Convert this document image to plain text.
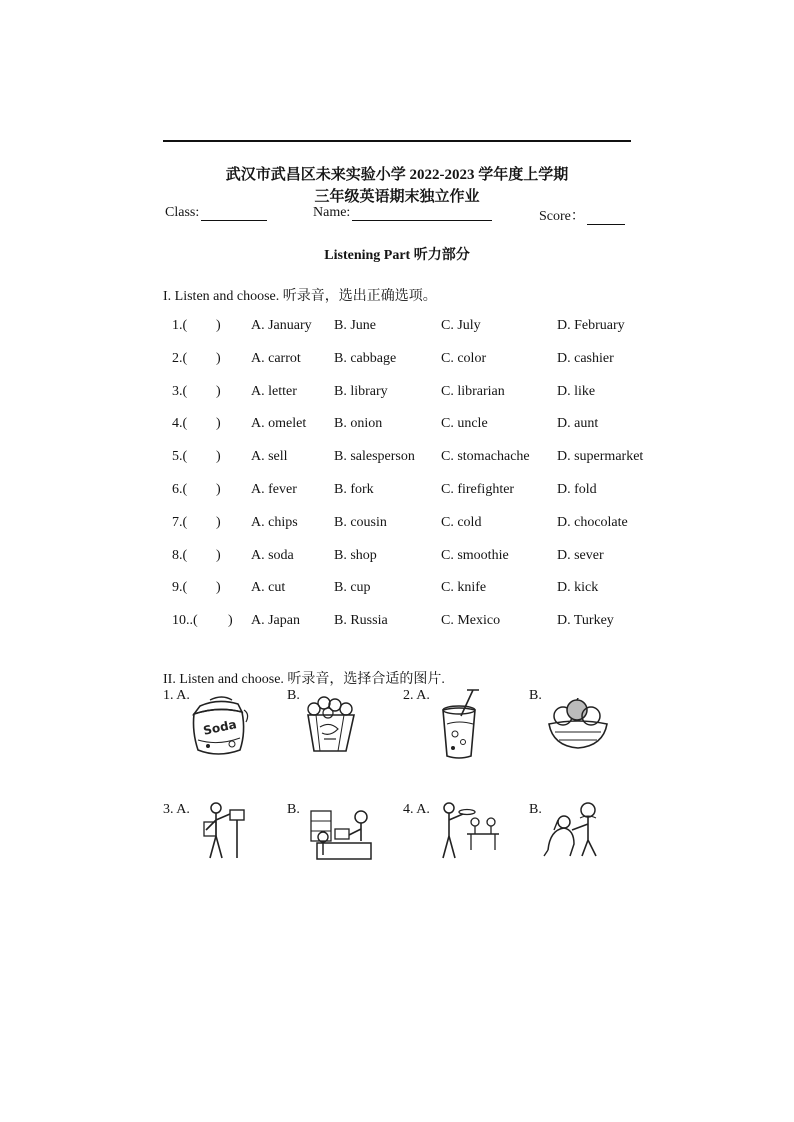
武汉市武昌区未来实验小学 2022-2023 学年度上学期
三年级英语期末独立作业
Class:	Name:	Score：
Listening Part 听力部分
I. Listen and choose. 听录音，选出正确选项。
1.( ) A. January B. June	C. July	D. February
2.( ) A. carrot B. cabbage	C. color	D. cashier
3.( ) A. letter	B. library	C. librarian	D. like
4.( ) A. omelet B. onion	C. uncle	D. aunt
5.( ) A. sell	B. salesperson C. stomachache D. supermarket
6.( ) A. fever	B. fork	C. firefighter	D. fold
7.( ) A. chips	B. cousin	C. cold	D. chocolate
8.( ) A. soda	B. shop	C. smoothie	D. sever
9.( ) A. cut	B. cup	C. knife	D. kick
10..( ) A. Japan B. Russia	C. Mexico	D. Turkey
II. Listen and choose. 听录音，选择合适的图片.
1. A.	B.	2. A.	B.
Soda
3. A.	B.	4. A.	B.
